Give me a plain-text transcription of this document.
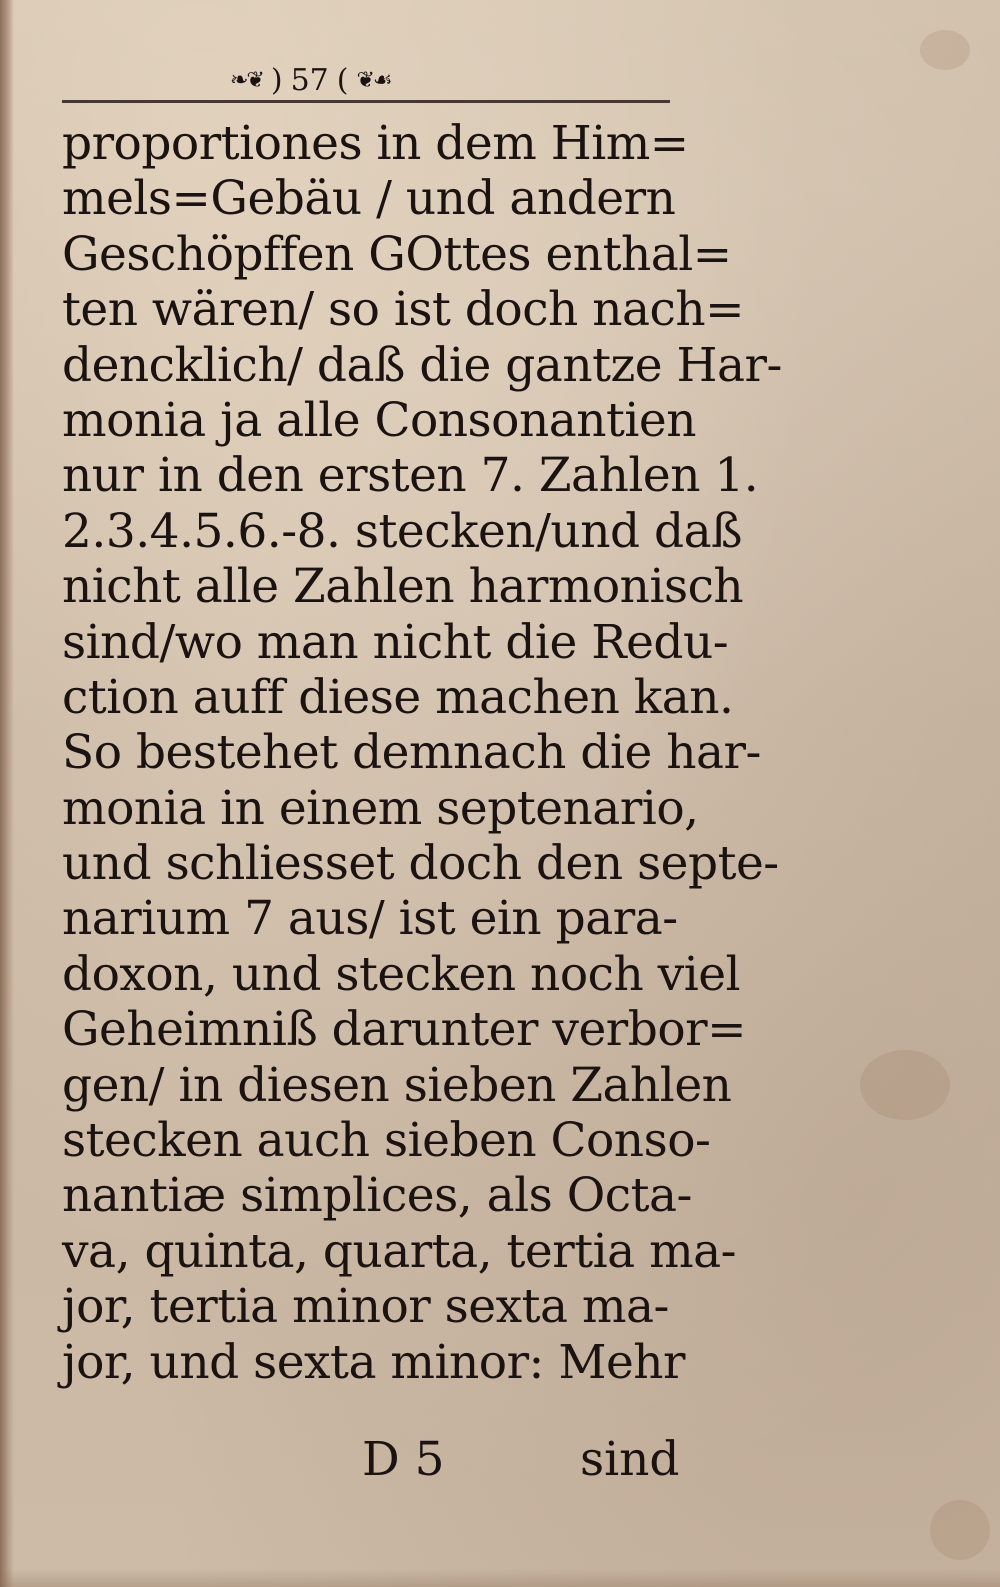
❧❦ ) 57 ( ❦☙
proportiones in dem Him=
mels=Gebäu / und andern
Geschöpffen GOttes enthal=
ten wären/ so ist doch nach=
dencklich/ daß die gantze Har-
monia ja alle Consonantien
nur in den ersten 7. Zahlen 1.
2.3.4.5.6.-8. stecken/und daß
nicht alle Zahlen harmonisch
sind/wo man nicht die Redu-
ction auff diese machen kan.
So bestehet demnach die har-
monia in einem septenario,
und schliesset doch den septe-
narium 7 aus/ ist ein para-
doxon, und stecken noch viel
Geheimniß darunter verbor=
gen/ in diesen sieben Zahlen
stecken auch sieben Conso-
nantiæ simplices, als Octa-
va, quinta, quarta, tertia ma-
jor, tertia minor sexta ma-
jor, und sexta minor: Mehr
D 5	sind
